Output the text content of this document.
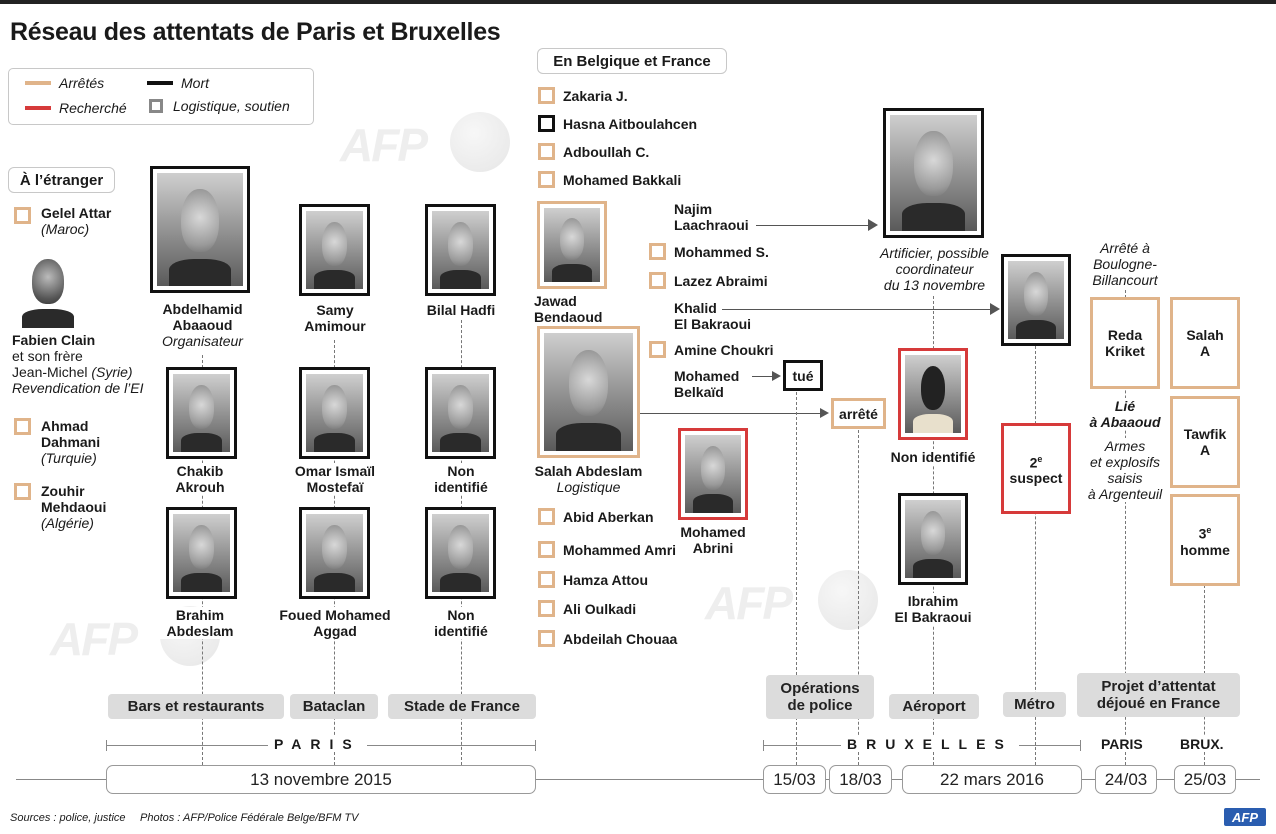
Réseau des attentats de Paris et Bruxelles
AFP
AFP
AFP
Arrêtés
Recherché
Mort
Logistique, soutien
À l’étranger
Gelel Attar
(Maroc)
Fabien Clain
et son frère
Jean-Michel (Syrie)
Revendication de l’EI
Ahmad
Dahmani
(Turquie)
Zouhir
Mehdaoui
(Algérie)
Abdelhamid
Abaaoud
Organisateur
Samy
Amimour
Bilal Hadfi
Chakib
Akrouh
Omar Ismaïl
Mostefaï
Non
identifié
Brahim
Abdeslam
Foued Mohamed
Aggad
Non
identifié
En Belgique et France
Zakaria J.
Hasna Aitboulahcen
Adboullah C.
Mohamed Bakkali
Jawad
Bendaoud
Najim
Laachraoui
Mohammed S.
Lazez Abraimi
Khalid
El Bakraoui
Amine Choukri
Mohamed
Belkaïd
tué
Salah Abdeslam
Logistique
arrêté
Mohamed
Abrini
Abid Aberkan
Mohammed Amri
Hamza Attou
Ali Oulkadi
Abdeilah Chouaa
Artificier, possible
coordinateur
du 13 novembre
Non identifié
Ibrahim
El Bakraoui
2e
suspect
Arrêté à
Boulogne-
Billancourt
Reda
Kriket
Lié
à Abaaoud
Armes
et explosifs
saisis
à Argenteuil
Salah
A
Tawfik
A
3e
homme
Bars et restaurants	Bataclan	Stade de France
Opérations
de police	Aéroport	Métro
Projet d’attentat
déjoué en France
PARIS	BRUXELLES	PARIS	BRUX.
13 novembre 2015	15/03	18/03	22 mars 2016	24/03	25/03
Sources : police, justice Photos : AFP/Police Fédérale Belge/BFM TV	AFP
